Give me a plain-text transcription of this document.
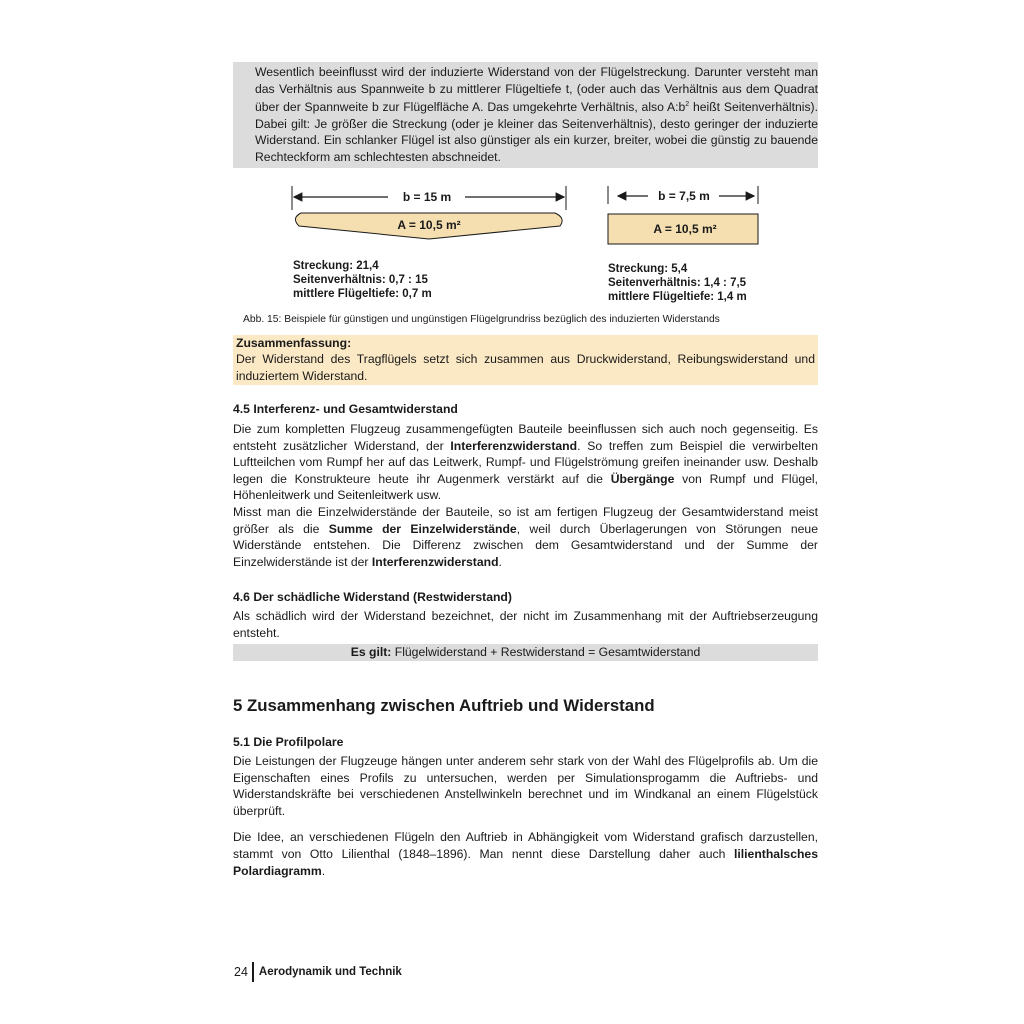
Wesentlich beeinflusst wird der induzierte Widerstand von der Flügelstreckung. Darunter versteht man das Verhältnis aus Spannweite b zu mittlerer Flügeltiefe t, (oder auch das Verhältnis aus dem Quadrat über der Spannweite b zur Flügelfläche A. Das umgekehrte Verhältnis, also $A:b^2$ heißt Seitenverhältnis). Dabei gilt: Je größer die Streckung (oder je kleiner das Seitenverhältnis), desto geringer der induzierte Widerstand. Ein schlanker Flügel ist also günstiger als ein kurzer, breiter, wobei die günstig zu bauende Rechteckform am schlechtesten abschneidet.

b = 15 m
A = 10,5 m²
Streckung: 21,4
Seitenverhältnis: 0,7 : 15
mittlere Flügeltiefe: 0,7 m
b = 7,5 m
A = 10,5 m²
Streckung: 5,4
Seitenverhältnis: 1,4 : 7,5
mittlere Flügeltiefe: 1,4 m

Abb. 15: Beispiele für günstigen und ungünstigen Flügelgrundriss bezüglich des induzierten Widerstands

Zusammenfassung:

Der Widerstand des Tragflügels setzt sich zusammen aus Druckwiderstand, Reibungswiderstand und induziertem Widerstand.

4.5 Interferenz- und Gesamtwiderstand

Die zum kompletten Flugzeug zusammengefügten Bauteile beeinflussen sich auch noch gegenseitig. Es entsteht zusätzlicher Widerstand, der Interferenzwiderstand. So treffen zum Beispiel die verwirbelten Luftteilchen vom Rumpf her auf das Leitwerk, Rumpf- und Flügelströmung greifen ineinander usw. Deshalb legen die Konstrukteure heute ihr Augenmerk verstärkt auf die Übergänge von Rumpf und Flügel, Höhenleitwerk und Seitenleitwerk usw.

Misst man die Einzelwiderstände der Bauteile, so ist am fertigen Flugzeug der Gesamtwiderstand meist größer als die Summe der Einzelwiderstände, weil durch Überlagerungen von Störungen neue Widerstände entstehen. Die Differenz zwischen dem Gesamtwiderstand und der Summe der Einzelwiderstände ist der Interferenzwiderstand.

4.6 Der schädliche Widerstand (Restwiderstand)

Als schädlich wird der Widerstand bezeichnet, der nicht im Zusammenhang mit der Auftriebserzeugung entsteht.

Es gilt: Flügelwiderstand + Restwiderstand = Gesamtwiderstand
5 Zusammenhang zwischen Auftrieb und Widerstand
5.1 Die Profilpolare

Die Leistungen der Flugzeuge hängen unter anderem sehr stark von der Wahl des Flügelprofils ab. Um die Eigenschaften eines Profils zu untersuchen, werden per Simulationsprogamm die Auftriebs- und Widerstandskräfte bei verschiedenen Anstellwinkeln berechnet und im Windkanal an einem Flügelstück überprüft.

Die Idee, an verschiedenen Flügeln den Auftrieb in Abhängigkeit vom Widerstand grafisch darzustellen, stammt von Otto Lilienthal (1848–1896). Man nennt diese Darstellung daher auch lilienthalsches Polardiagramm.

24 Aerodynamik und Technik
